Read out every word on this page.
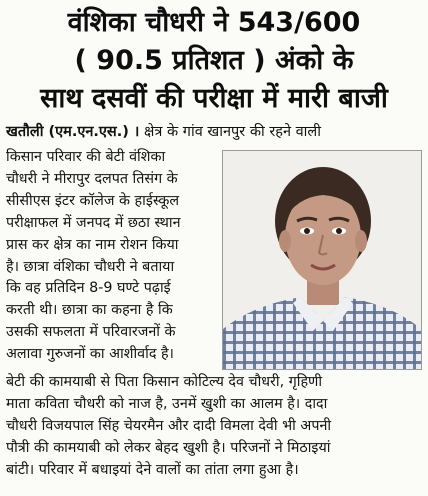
वंशिका चौधरी ने 543/600
( 90.5 प्रतिशत ) अंको के
साथ दसवीं की परीक्षा में मारी बाजी
खतौली (एम.एन.एस.) । क्षेत्र के गांव खानपुर की रहने वाली
किसान परिवार की बेटी वंशिका
चौधरी ने मीरापुर दलपत तिसंग के
सीसीएस इंटर कॉलेज के हाईस्कूल
परीक्षाफल में जनपद में छठा स्थान
प्रास कर क्षेत्र का नाम रोशन किया
है। छात्रा वंशिका चौधरी ने बताया
कि वह प्रतिदिन 8-9 घण्टे पढ़ाई
करती थी। छात्रा का कहना है कि
उसकी सफलता में परिवारजनों के
अलावा गुरुजनों का आशीर्वाद है।
बेटी की कामयाबी से पिता किसान कोटिल्य देव चौधरी, गृहिणी
माता कविता चौधरी को नाज है, उनमें खुशी का आलम है। दादा
चौधरी विजयपाल सिंह चेयरमैन और दादी विमला देवी भी अपनी
पौत्री की कामयाबी को लेकर बेहद खुशी है। परिजनों ने मिठाइयां
बांटी। परिवार में बधाइयां देने वालों का तांता लगा हुआ है।
